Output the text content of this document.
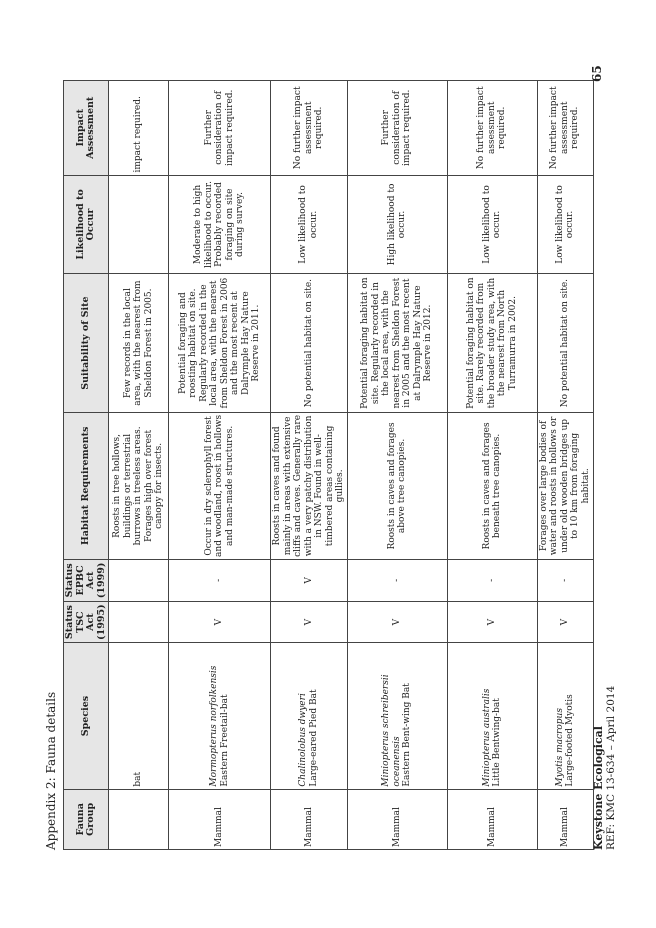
Appendix 2: Fauna details Fauna Group	Species	Status TSC Act (1995)	Status EPBC Act (1999)	Habitat Requirements	Suitability of Site	Likelihood to Occur	Impact Assessment

	bat			Roosts in tree hollows, buildings or terrestrial burrows in treeless areas. Forages high over forest canopy for insects.	Few records in the local area, with the nearest from Sheldon Forest in 2005.		impact required.
Mammal	Mormopterus norfolkensis Eastern Freetail-bat	V	-	Occur in dry sclerophyll forest and woodland, roost in hollows and man-made structures.	Potential foraging and roosting habitat on site. Regularly recorded in the local area, with the nearest from Sheldon Forest in 2006 and the most recent at Dalrymple Hay Nature Reserve in 2011.	Moderate to high likelihood to occur. Probably recorded foraging on site during survey.	Further consideration of impact required.
Mammal	Chalinolobus dwyeri Large-eared Pied Bat	V	V	Roosts in caves and found mainly in areas with extensive cliffs and caves. Generally rare with a very patchy distribution in NSW. Found in well-timbered areas containing gullies.	No potential habitat on site.	Low likelihood to occur.	No further impact assessment required.
Mammal	Miniopterus schreibersii oceanensis Eastern Bent-wing Bat	V	-	Roosts in caves and forages above tree canopies.	Potential foraging habitat on site. Regularly recorded in the local area, with the nearest from Sheldon Forest in 2005 and the most recent at Dalrymple Hay Nature Reserve in 2012.	High likelihood to occur.	Further consideration of impact required.
Mammal	Miniopterus australis Little Bentwing-bat	V	-	Roosts in caves and forages beneath tree canopies.	Potential foraging habitat on site. Rarely recorded from the broader study area, with the nearest from North Turramurra in 2002.	Low likelihood to occur.	No further impact assessment required.
Mammal	Myotis macropus Large-footed Myotis	V	-	Forages over large bodies of water and roosts in hollows or under old wooden bridges up to 10 km from foraging habitat.	No potential habitat on site.	Low likelihood to occur.	No further impact assessment required.
Keystone Ecological REF: KMC 13-634 – April 2014
65
